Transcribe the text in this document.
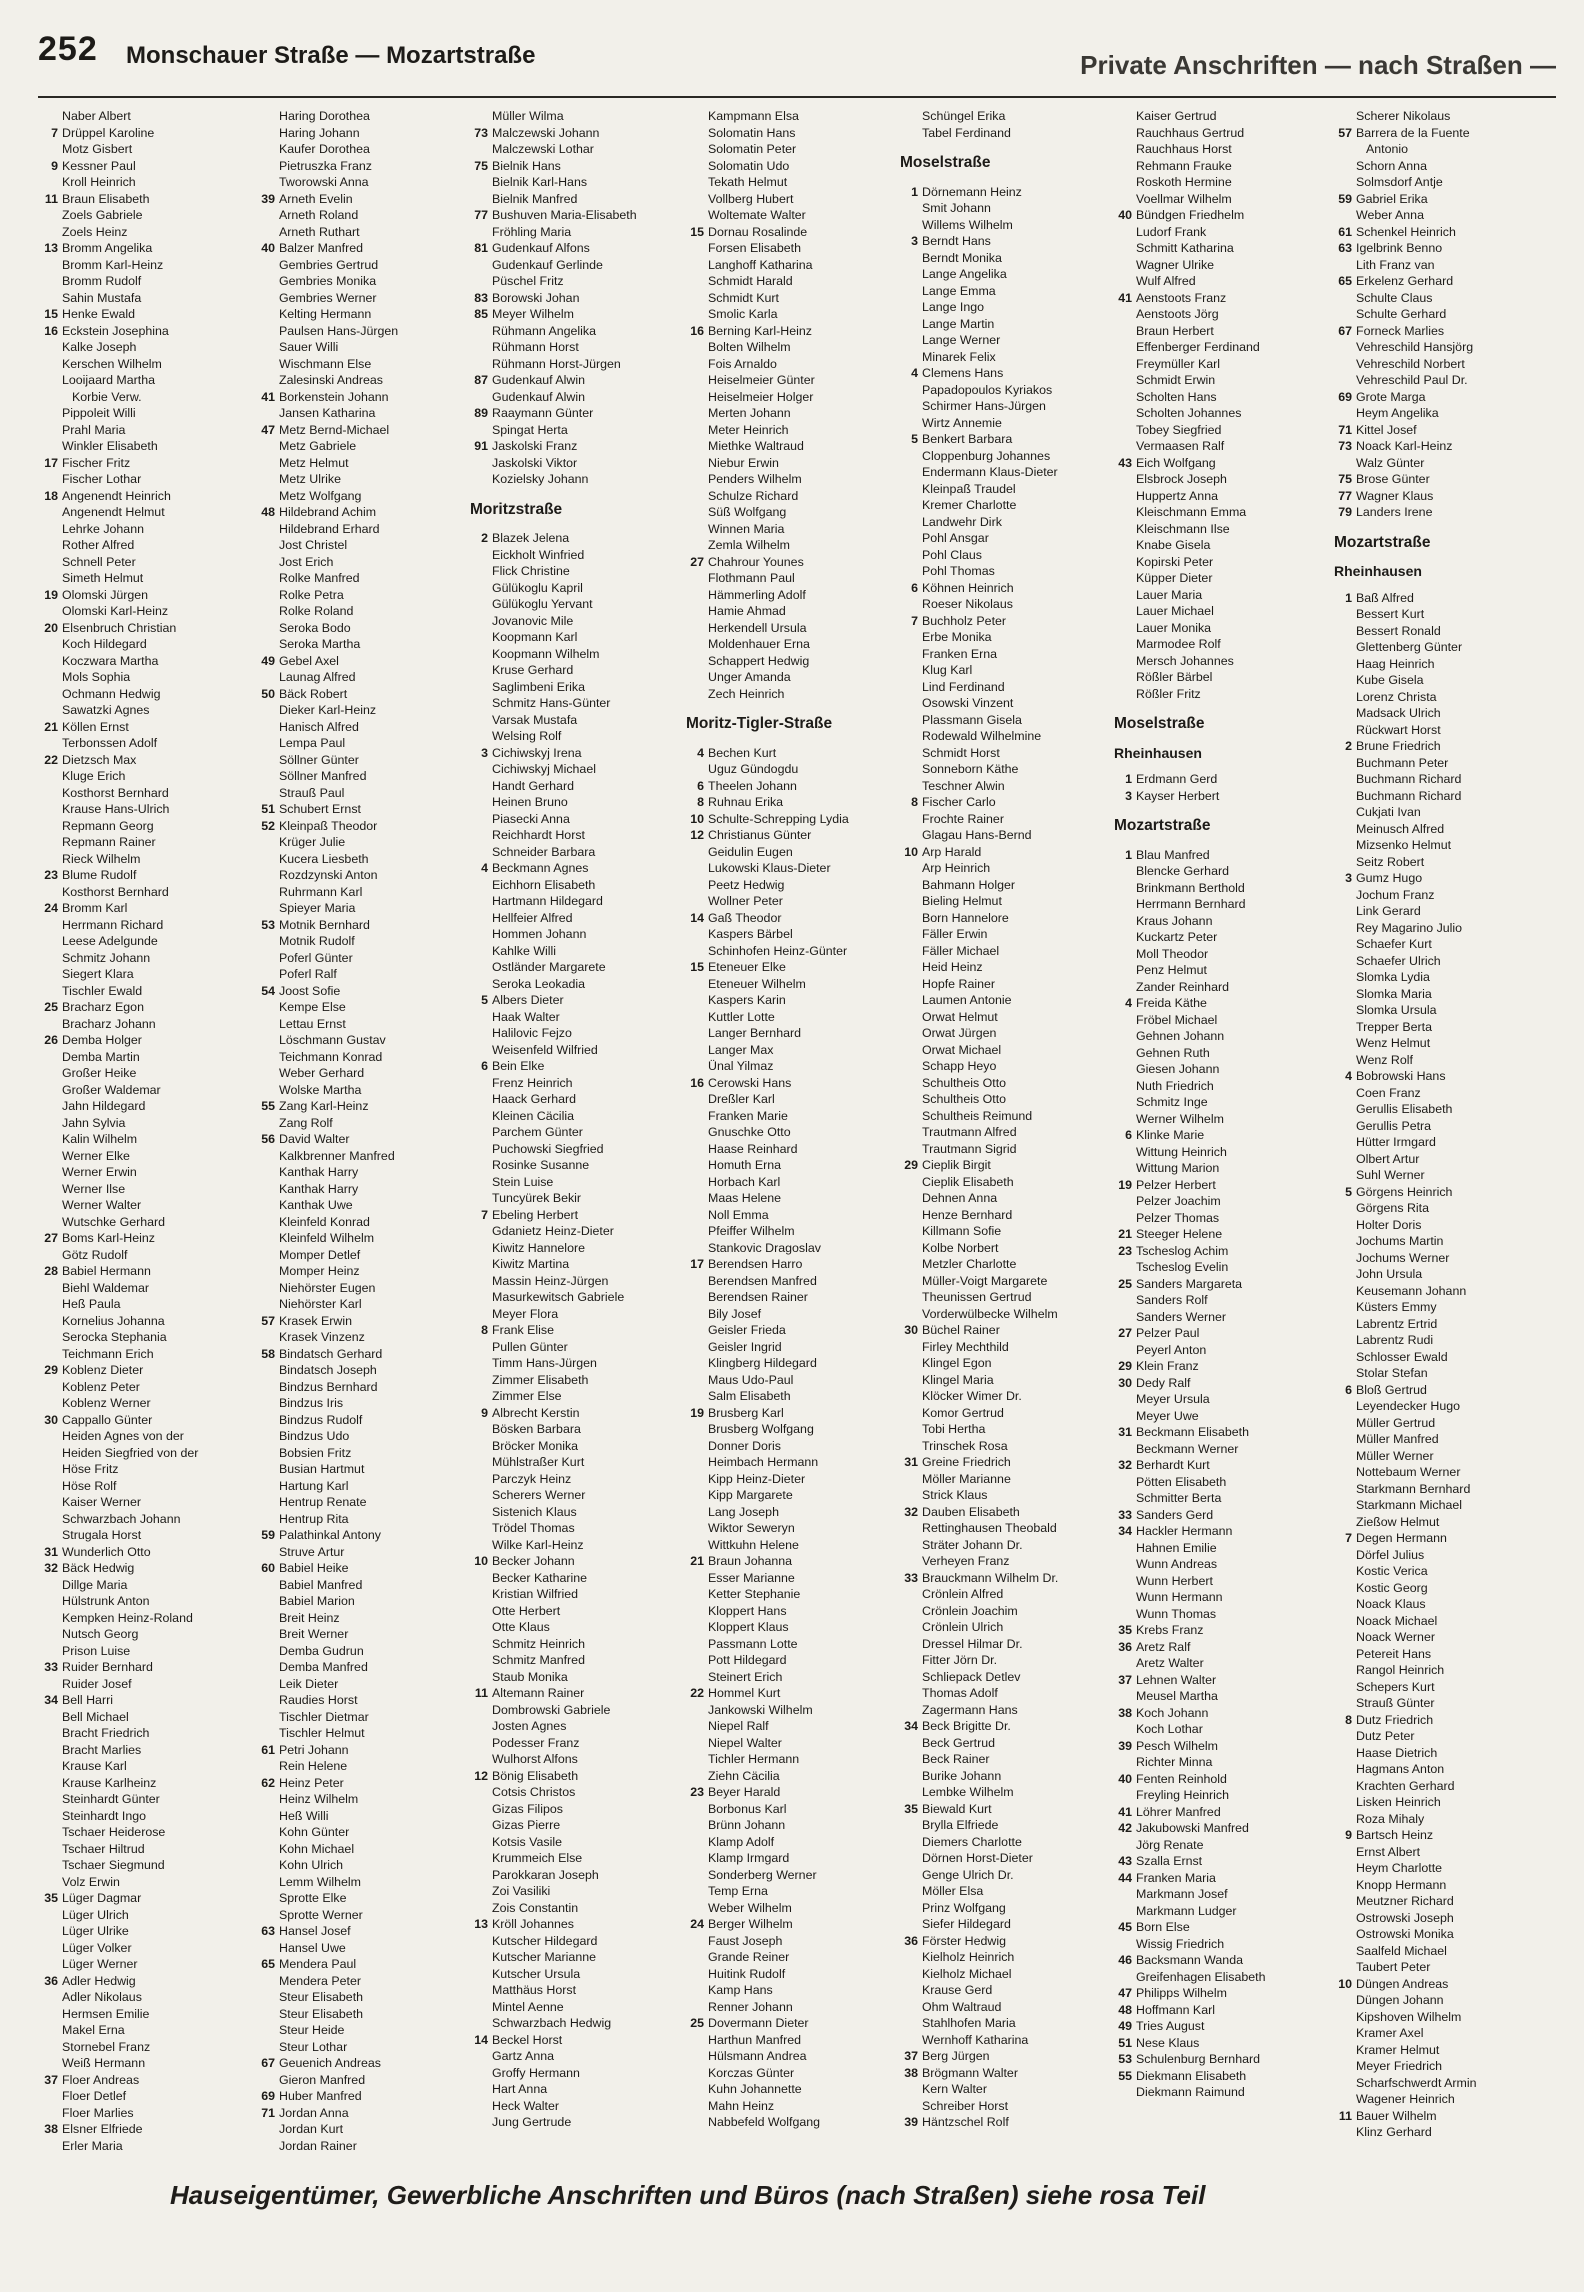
252 Monschauer Straße — Mozartstraße	Private Anschriften — nach Straßen —
Naber Albert
7 Drüppel Karoline
Motz Gisbert
9 Kessner Paul
Kroll Heinrich
11 Braun Elisabeth
Zoels Gabriele
Zoels Heinz
13 Bromm Angelika
Bromm Karl-Heinz
Bromm Rudolf
Sahin Mustafa
15 Henke Ewald
16 Eckstein Josephina
Kalke Joseph
Kerschen Wilhelm
Looijaard Martha
Korbie Verw.
Pippoleit Willi
Prahl Maria
Winkler Elisabeth
17 Fischer Fritz
Fischer Lothar
18 Angenendt Heinrich
Angenendt Helmut
Lehrke Johann
Rother Alfred
Schnell Peter
Simeth Helmut
19 Olomski Jürgen
Olomski Karl-Heinz
20 Elsenbruch Christian
Koch Hildegard
Koczwara Martha
Mols Sophia
Ochmann Hedwig
Sawatzki Agnes
21 Köllen Ernst
Terbonssen Adolf
22 Dietzsch Max
Kluge Erich
Kosthorst Bernhard
Krause Hans-Ulrich
Repmann Georg
Repmann Rainer
Rieck Wilhelm
23 Blume Rudolf
Kosthorst Bernhard
24 Bromm Karl
Herrmann Richard
Leese Adelgunde
Schmitz Johann
Siegert Klara
Tischler Ewald
25 Bracharz Egon
Bracharz Johann
26 Demba Holger
Demba Martin
Großer Heike
Großer Waldemar
Jahn Hildegard
Jahn Sylvia
Kalin Wilhelm
Werner Elke
Werner Erwin
Werner Ilse
Werner Walter
Wutschke Gerhard
27 Boms Karl-Heinz
Götz Rudolf
28 Babiel Hermann
Biehl Waldemar
Heß Paula
Kornelius Johanna
Serocka Stephania
Teichmann Erich
29 Koblenz Dieter
Koblenz Peter
Koblenz Werner
30 Cappallo Günter
Heiden Agnes von der
Heiden Siegfried von der
Höse Fritz
Höse Rolf
Kaiser Werner
Schwarzbach Johann
Strugala Horst
31 Wunderlich Otto
32 Bäck Hedwig
Dillge Maria
Hülstrunk Anton
Kempken Heinz-Roland
Nutsch Georg
Prison Luise
33 Ruider Bernhard
Ruider Josef
34 Bell Harri
Bell Michael
Bracht Friedrich
Bracht Marlies
Krause Karl
Krause Karlheinz
Steinhardt Günter
Steinhardt Ingo
Tschaer Heiderose
Tschaer Hiltrud
Tschaer Siegmund
Volz Erwin
35 Lüger Dagmar
Lüger Ulrich
Lüger Ulrike
Lüger Volker
Lüger Werner
36 Adler Hedwig
Adler Nikolaus
Hermsen Emilie
Makel Erna
Stornebel Franz
Weiß Hermann
37 Floer Andreas
Floer Detlef
Floer Marlies
38 Elsner Elfriede
Erler Maria
Haring Dorothea
Haring Johann
Kaufer Dorothea
Pietruszka Franz
Tworowski Anna
39 Arneth Evelin
Arneth Roland
Arneth Ruthart
40 Balzer Manfred
Gembries Gertrud
Gembries Monika
Gembries Werner
Kelting Hermann
Paulsen Hans-Jürgen
Sauer Willi
Wischmann Else
Zalesinski Andreas
41 Borkenstein Johann
Jansen Katharina
47 Metz Bernd-Michael
Metz Gabriele
Metz Helmut
Metz Ulrike
Metz Wolfgang
48 Hildebrand Achim
Hildebrand Erhard
Jost Christel
Jost Erich
Rolke Manfred
Rolke Petra
Rolke Roland
Seroka Bodo
Seroka Martha
49 Gebel Axel
Launag Alfred
50 Bäck Robert
Dieker Karl-Heinz
Hanisch Alfred
Lempa Paul
Söllner Günter
Söllner Manfred
Strauß Paul
51 Schubert Ernst
52 Kleinpaß Theodor
Krüger Julie
Kucera Liesbeth
Rozdzynski Anton
Ruhrmann Karl
Spieyer Maria
53 Motnik Bernhard
Motnik Rudolf
Poferl Günter
Poferl Ralf
54 Joost Sofie
Kempe Else
Lettau Ernst
Löschmann Gustav
Teichmann Konrad
Weber Gerhard
Wolske Martha
55 Zang Karl-Heinz
Zang Rolf
56 David Walter
Kalkbrenner Manfred
Kanthak Harry
Kanthak Harry
Kanthak Uwe
Kleinfeld Konrad
Kleinfeld Wilhelm
Momper Detlef
Momper Heinz
Niehörster Eugen
Niehörster Karl
57 Krasek Erwin
Krasek Vinzenz
58 Bindatsch Gerhard
Bindatsch Joseph
Bindzus Bernhard
Bindzus Iris
Bindzus Rudolf
Bindzus Udo
Bobsien Fritz
Busian Hartmut
Hartung Karl
Hentrup Renate
Hentrup Rita
59 Palathinkal Antony
Struve Artur
60 Babiel Heike
Babiel Manfred
Babiel Marion
Breit Heinz
Breit Werner
Demba Gudrun
Demba Manfred
Leik Dieter
Raudies Horst
Tischler Dietmar
Tischler Helmut
61 Petri Johann
Rein Helene
62 Heinz Peter
Heinz Wilhelm
Heß Willi
Kohn Günter
Kohn Michael
Kohn Ulrich
Lemm Wilhelm
Sprotte Elke
Sprotte Werner
63 Hansel Josef
Hansel Uwe
65 Mendera Paul
Mendera Peter
Steur Elisabeth
Steur Elisabeth
Steur Heide
Steur Lothar
67 Geuenich Andreas
Gieron Manfred
69 Huber Manfred
71 Jordan Anna
Jordan Kurt
Jordan Rainer
Müller Wilma
73 Malczewski Johann
Malczewski Lothar
75 Bielnik Hans
Bielnik Karl-Hans
Bielnik Manfred
77 Bushuven Maria-Elisabeth
Fröhling Maria
81 Gudenkauf Alfons
Gudenkauf Gerlinde
Püschel Fritz
83 Borowski Johan
85 Meyer Wilhelm
Rühmann Angelika
Rühmann Horst
Rühmann Horst-Jürgen
87 Gudenkauf Alwin
Gudenkauf Alwin
89 Raaymann Günter
Spingat Herta
91 Jaskolski Franz
Jaskolski Viktor
Kozielsky Johann
Moritzstraße
2 Blazek Jelena
Eickholt Winfried
Flick Christine
Gülükoglu Kapril
Gülükoglu Yervant
Jovanovic Mile
Koopmann Karl
Koopmann Wilhelm
Kruse Gerhard
Saglimbeni Erika
Schmitz Hans-Günter
Varsak Mustafa
Welsing Rolf
3 Cichiwskyj Irena
Cichiwskyj Michael
Handt Gerhard
Heinen Bruno
Piasecki Anna
Reichhardt Horst
Schneider Barbara
4 Beckmann Agnes
Eichhorn Elisabeth
Hartmann Hildegard
Hellfeier Alfred
Hommen Johann
Kahlke Willi
Ostländer Margarete
Seroka Leokadia
5 Albers Dieter
Haak Walter
Halilovic Fejzo
Weisenfeld Wilfried
6 Bein Elke
Frenz Heinrich
Haack Gerhard
Kleinen Cäcilia
Parchem Günter
Puchowski Siegfried
Rosinke Susanne
Stein Luise
Tuncyürek Bekir
7 Ebeling Herbert
Gdanietz Heinz-Dieter
Kiwitz Hannelore
Kiwitz Martina
Massin Heinz-Jürgen
Masurkewitsch Gabriele
Meyer Flora
8 Frank Elise
Pullen Günter
Timm Hans-Jürgen
Zimmer Elisabeth
Zimmer Else
9 Albrecht Kerstin
Bösken Barbara
Bröcker Monika
Mühlstraßer Kurt
Parczyk Heinz
Scherers Werner
Sistenich Klaus
Trödel Thomas
Wilke Karl-Heinz
10 Becker Johann
Becker Katharine
Kristian Wilfried
Otte Herbert
Otte Klaus
Schmitz Heinrich
Schmitz Manfred
Staub Monika
11 Altemann Rainer
Dombrowski Gabriele
Josten Agnes
Podesser Franz
Wulhorst Alfons
12 Bönig Elisabeth
Cotsis Christos
Gizas Filipos
Gizas Pierre
Kotsis Vasile
Krummeich Else
Parokkaran Joseph
Zoi Vasiliki
Zois Constantin
13 Kröll Johannes
Kutscher Hildegard
Kutscher Marianne
Kutscher Ursula
Matthäus Horst
Mintel Aenne
Schwarzbach Hedwig
14 Beckel Horst
Gartz Anna
Groffy Hermann
Hart Anna
Heck Walter
Jung Gertrude
Kampmann Elsa
Solomatin Hans
Solomatin Peter
Solomatin Udo
Tekath Helmut
Vollberg Hubert
Woltemate Walter
15 Dornau Rosalinde
Forsen Elisabeth
Langhoff Katharina
Schmidt Harald
Schmidt Kurt
Smolic Karla
16 Berning Karl-Heinz
Bolten Wilhelm
Fois Arnaldo
Heiselmeier Günter
Heiselmeier Holger
Merten Johann
Meter Heinrich
Miethke Waltraud
Niebur Erwin
Penders Wilhelm
Schulze Richard
Süß Wolfgang
Winnen Maria
Zemla Wilhelm
27 Chahrour Younes
Flothmann Paul
Hämmerling Adolf
Hamie Ahmad
Herkendell Ursula
Moldenhauer Erna
Schappert Hedwig
Unger Amanda
Zech Heinrich
Moritz-Tigler-Straße
4 Bechen Kurt
Uguz Gündogdu
6 Theelen Johann
8 Ruhnau Erika
10 Schulte-Schrepping Lydia
12 Christianus Günter
Geidulin Eugen
Lukowski Klaus-Dieter
Peetz Hedwig
Wollner Peter
14 Gaß Theodor
Kaspers Bärbel
Schinhofen Heinz-Günter
15 Eteneuer Elke
Eteneuer Wilhelm
Kaspers Karin
Kuttler Lotte
Langer Bernhard
Langer Max
Ünal Yilmaz
16 Cerowski Hans
Dreßler Karl
Franken Marie
Gnuschke Otto
Haase Reinhard
Homuth Erna
Horbach Karl
Maas Helene
Noll Emma
Pfeiffer Wilhelm
Stankovic Dragoslav
17 Berendsen Harro
Berendsen Manfred
Berendsen Rainer
Bily Josef
Geisler Frieda
Geisler Ingrid
Klingberg Hildegard
Maus Udo-Paul
Salm Elisabeth
19 Brusberg Karl
Brusberg Wolfgang
Donner Doris
Heimbach Hermann
Kipp Heinz-Dieter
Kipp Margarete
Lang Joseph
Wiktor Seweryn
Wittkuhn Helene
21 Braun Johanna
Esser Marianne
Ketter Stephanie
Kloppert Hans
Kloppert Klaus
Passmann Lotte
Pott Hildegard
Steinert Erich
22 Hommel Kurt
Jankowski Wilhelm
Niepel Ralf
Niepel Walter
Tichler Hermann
Ziehn Cäcilia
23 Beyer Harald
Borbonus Karl
Brünn Johann
Klamp Adolf
Klamp Irmgard
Sonderberg Werner
Temp Erna
Weber Wilhelm
24 Berger Wilhelm
Faust Joseph
Grande Reiner
Huitink Rudolf
Kamp Hans
Renner Johann
25 Dovermann Dieter
Harthun Manfred
Hülsmann Andrea
Korczas Günter
Kuhn Johannette
Mahn Heinz
Nabbefeld Wolfgang
Schüngel Erika
Tabel Ferdinand
Moselstraße
1 Dörnemann Heinz
Smit Johann
Willems Wilhelm
3 Berndt Hans
Berndt Monika
Lange Angelika
Lange Emma
Lange Ingo
Lange Martin
Lange Werner
Minarek Felix
4 Clemens Hans
Papadopoulos Kyriakos
Schirmer Hans-Jürgen
Wirtz Annemie
5 Benkert Barbara
Cloppenburg Johannes
Endermann Klaus-Dieter
Kleinpaß Traudel
Kremer Charlotte
Landwehr Dirk
Pohl Ansgar
Pohl Claus
Pohl Thomas
6 Köhnen Heinrich
Roeser Nikolaus
7 Buchholz Peter
Erbe Monika
Franken Erna
Klug Karl
Lind Ferdinand
Osowski Vinzent
Plassmann Gisela
Rodewald Wilhelmine
Schmidt Horst
Sonneborn Käthe
Teschner Alwin
8 Fischer Carlo
Frochte Rainer
Glagau Hans-Bernd
10 Arp Harald
Arp Heinrich
Bahmann Holger
Bieling Helmut
Born Hannelore
Fäller Erwin
Fäller Michael
Heid Heinz
Hopfe Rainer
Laumen Antonie
Orwat Helmut
Orwat Jürgen
Orwat Michael
Schapp Heyo
Schultheis Otto
Schultheis Otto
Schultheis Reimund
Trautmann Alfred
Trautmann Sigrid
29 Cieplik Birgit
Cieplik Elisabeth
Dehnen Anna
Henze Bernhard
Killmann Sofie
Kolbe Norbert
Metzler Charlotte
Müller-Voigt Margarete
Theunissen Gertrud
Vorderwülbecke Wilhelm
30 Büchel Rainer
Firley Mechthild
Klingel Egon
Klingel Maria
Klöcker Wimer Dr.
Komor Gertrud
Tobi Hertha
Trinschek Rosa
31 Greine Friedrich
Möller Marianne
Strick Klaus
32 Dauben Elisabeth
Rettinghausen Theobald
Sträter Johann Dr.
Verheyen Franz
33 Brauckmann Wilhelm Dr.
Crönlein Alfred
Crönlein Joachim
Crönlein Ulrich
Dressel Hilmar Dr.
Fitter Jörn Dr.
Schliepack Detlev
Thomas Adolf
Zagermann Hans
34 Beck Brigitte Dr.
Beck Gertrud
Beck Rainer
Burike Johann
Lembke Wilhelm
35 Biewald Kurt
Brylla Elfriede
Diemers Charlotte
Dörnen Horst-Dieter
Genge Ulrich Dr.
Möller Elsa
Prinz Wolfgang
Siefer Hildegard
36 Förster Hedwig
Kielholz Heinrich
Kielholz Michael
Krause Gerd
Ohm Waltraud
Stahlhofen Maria
Wernhoff Katharina
37 Berg Jürgen
38 Brögmann Walter
Kern Walter
Schreiber Horst
39 Häntzschel Rolf
Kaiser Gertrud
Rauchhaus Gertrud
Rauchhaus Horst
Rehmann Frauke
Roskoth Hermine
Voellmar Wilhelm
40 Bündgen Friedhelm
Ludorf Frank
Schmitt Katharina
Wagner Ulrike
Wulf Alfred
41 Aenstoots Franz
Aenstoots Jörg
Braun Herbert
Effenberger Ferdinand
Freymüller Karl
Schmidt Erwin
Scholten Hans
Scholten Johannes
Tobey Siegfried
Vermaasen Ralf
43 Eich Wolfgang
Elsbrock Joseph
Huppertz Anna
Kleischmann Emma
Kleischmann Ilse
Knabe Gisela
Kopirski Peter
Küpper Dieter
Lauer Maria
Lauer Michael
Lauer Monika
Marmodee Rolf
Mersch Johannes
Rößler Bärbel
Rößler Fritz
Moselstraße
Rheinhausen
1 Erdmann Gerd
3 Kayser Herbert
Mozartstraße
1 Blau Manfred
Blencke Gerhard
Brinkmann Berthold
Herrmann Bernhard
Kraus Johann
Kuckartz Peter
Moll Theodor
Penz Helmut
Zander Reinhard
4 Freida Käthe
Fröbel Michael
Gehnen Johann
Gehnen Ruth
Giesen Johann
Nuth Friedrich
Schmitz Inge
Werner Wilhelm
6 Klinke Marie
Wittung Heinrich
Wittung Marion
19 Pelzer Herbert
Pelzer Joachim
Pelzer Thomas
21 Steeger Helene
23 Tscheslog Achim
Tscheslog Evelin
25 Sanders Margareta
Sanders Rolf
Sanders Werner
27 Pelzer Paul
Peyerl Anton
29 Klein Franz
30 Dedy Ralf
Meyer Ursula
Meyer Uwe
31 Beckmann Elisabeth
Beckmann Werner
32 Berhardt Kurt
Pötten Elisabeth
Schmitter Berta
33 Sanders Gerd
34 Hackler Hermann
Hahnen Emilie
Wunn Andreas
Wunn Herbert
Wunn Hermann
Wunn Thomas
35 Krebs Franz
36 Aretz Ralf
Aretz Walter
37 Lehnen Walter
Meusel Martha
38 Koch Johann
Koch Lothar
39 Pesch Wilhelm
Richter Minna
40 Fenten Reinhold
Freyling Heinrich
41 Löhrer Manfred
42 Jakubowski Manfred
Jörg Renate
43 Szalla Ernst
44 Franken Maria
Markmann Josef
Markmann Ludger
45 Born Else
Wissig Friedrich
46 Backsmann Wanda
Greifenhagen Elisabeth
47 Philipps Wilhelm
48 Hoffmann Karl
49 Tries August
51 Nese Klaus
53 Schulenburg Bernhard
55 Diekmann Elisabeth
Diekmann Raimund
Scherer Nikolaus
57 Barrera de la Fuente
Antonio
Schorn Anna
Solmsdorf Antje
59 Gabriel Erika
Weber Anna
61 Schenkel Heinrich
63 Igelbrink Benno
Lith Franz van
65 Erkelenz Gerhard
Schulte Claus
Schulte Gerhard
67 Forneck Marlies
Vehreschild Hansjörg
Vehreschild Norbert
Vehreschild Paul Dr.
69 Grote Marga
Heym Angelika
71 Kittel Josef
73 Noack Karl-Heinz
Walz Günter
75 Brose Günter
77 Wagner Klaus
79 Landers Irene
Mozartstraße
Rheinhausen
1 Baß Alfred
Bessert Kurt
Bessert Ronald
Glettenberg Günter
Haag Heinrich
Kube Gisela
Lorenz Christa
Madsack Ulrich
Rückwart Horst
2 Brune Friedrich
Buchmann Peter
Buchmann Richard
Buchmann Richard
Cukjati Ivan
Meinusch Alfred
Mizsenko Helmut
Seitz Robert
3 Gumz Hugo
Jochum Franz
Link Gerard
Rey Magarino Julio
Schaefer Kurt
Schaefer Ulrich
Slomka Lydia
Slomka Maria
Slomka Ursula
Trepper Berta
Wenz Helmut
Wenz Rolf
4 Bobrowski Hans
Coen Franz
Gerullis Elisabeth
Gerullis Petra
Hütter Irmgard
Olbert Artur
Suhl Werner
5 Görgens Heinrich
Görgens Rita
Holter Doris
Jochums Martin
Jochums Werner
John Ursula
Keusemann Johann
Küsters Emmy
Labrentz Ertrid
Labrentz Rudi
Schlosser Ewald
Stolar Stefan
6 Bloß Gertrud
Leyendecker Hugo
Müller Gertrud
Müller Manfred
Müller Werner
Nottebaum Werner
Starkmann Bernhard
Starkmann Michael
Zießow Helmut
7 Degen Hermann
Dörfel Julius
Kostic Verica
Kostic Georg
Noack Klaus
Noack Michael
Noack Werner
Petereit Hans
Rangol Heinrich
Schepers Kurt
Strauß Günter
8 Dutz Friedrich
Dutz Peter
Haase Dietrich
Hagmans Anton
Krachten Gerhard
Lisken Heinrich
Roza Mihaly
9 Bartsch Heinz
Ernst Albert
Heym Charlotte
Knopp Hermann
Meutzner Richard
Ostrowski Joseph
Ostrowski Monika
Saalfeld Michael
Taubert Peter
10 Düngen Andreas
Düngen Johann
Kipshoven Wilhelm
Kramer Axel
Kramer Helmut
Meyer Friedrich
Scharfschwerdt Armin
Wagener Heinrich
11 Bauer Wilhelm
Klinz Gerhard
Hauseigentümer, Gewerbliche Anschriften und Büros (nach Straßen) siehe rosa Teil
